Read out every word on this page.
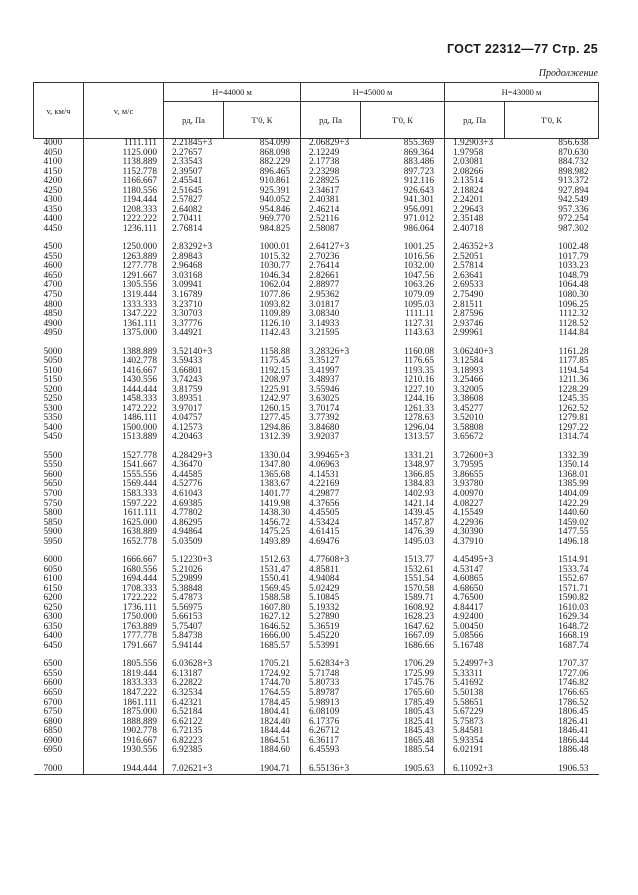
ГОСТ 22312—77 Стр. 25
Продолжение
v, км/ч	v, м/с	H=44000 м		H=45000 м		H=43000 м	
		pд, Па	T'0, К	pд, Па	T'0, К	pд, Па	T'0, К
4000	1111.111	2.21845+3	854.099	2.06829+3	855.369	1.92903+3	856.638
4050	1125.000	2.27657	868.098	2.12249	869.364	1.97958	870.630
4100	1138.889	2.33543	882.229	2.17738	883.486	2.03081	884.732
4150	1152.778	2.39507	896.465	2.23298	897.723	2.08266	898.982
4200	1166.667	2.45541	910.861	2.28925	912.116	2.13514	913.372
4250	1180.556	2.51645	925.391	2.34617	926.643	2.18824	927.894
4300	1194.444	2.57827	940.052	2.40381	941.301	2.24201	942.549
4350	1208.333	2.64082	954.846	2.46214	956.091	2.29643	957.336
4400	1222.222	2.70411	969.770	2.52116	971.012	2.35148	972.254
4450	1236.111	2.76814	984.825	2.58087	986.064	2.40718	987.302

4500	1250.000	2.83292+3	1000.01	2.64127+3	1001.25	2.46352+3	1002.48
4550	1263.889	2.89843	1015.32	2.70236	1016.56	2.52051	1017.79
4600	1277.778	2.96468	1030.77	2.76414	1032.00	2.57814	1033.23
4650	1291.667	3.03168	1046.34	2.82661	1047.56	2.63641	1048.79
4700	1305.556	3.09941	1062.04	2.88977	1063.26	2.69533	1064.48
4750	1319.444	3.16789	1077.86	2.95362	1079.09	2.75490	1080.30
4800	1333.333	3.23710	1093.82	3.01817	1095.03	2.81511	1096.25
4850	1347.222	3.30703	1109.89	3.08340	1111.11	2.87596	1112.32
4900	1361.111	3.37776	1126.10	3.14933	1127.31	2.93746	1128.52
4950	1375.000	3.44921	1142.43	3.21595	1143.63	2.99961	1144.84

5000	1388.889	3.52140+3	1158.88	3.28326+3	1160.08	3.06240+3	1161.28
5050	1402.778	3.59433	1175.45	3.35127	1176.65	3.12584	1177.85
5100	1416.667	3.66801	1192.15	3.41997	1193.35	3.18993	1194.54
5150	1430.556	3.74243	1208.97	3.48937	1210.16	3.25466	1211.36
5200	1444.444	3.81759	1225.91	3.55946	1227.10	3.32005	1228.29
5250	1458.333	3.89351	1242.97	3.63025	1244.16	3.38608	1245.35
5300	1472.222	3.97017	1260.15	3.70174	1261.33	3.45277	1262.52
5350	1486.111	4.04757	1277.45	3.77392	1278.63	3.52010	1279.81
5400	1500.000	4.12573	1294.86	3.84680	1296.04	3.58808	1297.22
5450	1513.889	4.20463	1312.39	3.92037	1313.57	3.65672	1314.74

5500	1527.778	4.28429+3	1330.04	3.99465+3	1331.21	3.72600+3	1332.39
5550	1541.667	4.36470	1347.80	4.06963	1348.97	3.79595	1350.14
5600	1555.556	4.44585	1365.68	4.14531	1366.85	3.86655	1368.01
5650	1569.444	4.52776	1383.67	4.22169	1384.83	3.93780	1385.99
5700	1583.333	4.61043	1401.77	4.29877	1402.93	4.00970	1404.09
5750	1597.222	4.69385	1419.98	4.37656	1421.14	4.08227	1422.29
5800	1611.111	4.77802	1438.30	4.45505	1439.45	4.15549	1440.60
5850	1625.000	4.86295	1456.72	4.53424	1457.87	4.22936	1459.02
5900	1638.889	4.94864	1475.25	4.61415	1476.39	4.30390	1477.55
5950	1652.778	5.03509	1493.89	4.69476	1495.03	4.37910	1496.18

6000	1666.667	5.12230+3	1512.63	4.77608+3	1513.77	4.45495+3	1514.91
6050	1680.556	5.21026	1531.47	4.85811	1532.61	4.53147	1533.74
6100	1694.444	5.29899	1550.41	4.94084	1551.54	4.60865	1552.67
6150	1708.333	5.38848	1569.45	5.02429	1570.58	4.68650	1571.71
6200	1722.222	5.47873	1588.58	5.10845	1589.71	4.76500	1590.82
6250	1736.111	5.56975	1607.80	5.19332	1608.92	4.84417	1610.03
6300	1750.000	5.66153	1627.12	5.27890	1628.23	4.92400	1629.34
6350	1763.889	5.75407	1646.52	5.36519	1647.62	5.00450	1648.72
6400	1777.778	5.84738	1666.00	5.45220	1667.09	5.08566	1668.19
6450	1791.667	5.94144	1685.57	5.53991	1686.66	5.16748	1687.74

6500	1805.556	6.03628+3	1705.21	5.62834+3	1706.29	5.24997+3	1707.37
6550	1819.444	6.13187	1724.92	5.71748	1725.99	5.33311	1727.06
6600	1833.333	6.22822	1744.70	5.80733	1745.76	5.41692	1746.82
6650	1847.222	6.32534	1764.55	5.89787	1765.60	5.50138	1766.65
6700	1861.111	6.42321	1784.45	5.98913	1785.49	5.58651	1786.52
6750	1875.000	6.52184	1804.41	6.08109	1805.43	5.67229	1806.45
6800	1888.889	6.62122	1824.40	6.17376	1825.41	5.75873	1826.41
6850	1902.778	6.72135	1844.44	6.26712	1845.43	5.84581	1846.41
6900	1916.667	6.82223	1864.51	6.36117	1865.48	5.93354	1866.44
6950	1930.556	6.92385	1884.60	6.45593	1885.54	6.02191	1886.48

7000	1944.444	7.02621+3	1904.71	6.55136+3	1905.63	6.11092+3	1906.53
